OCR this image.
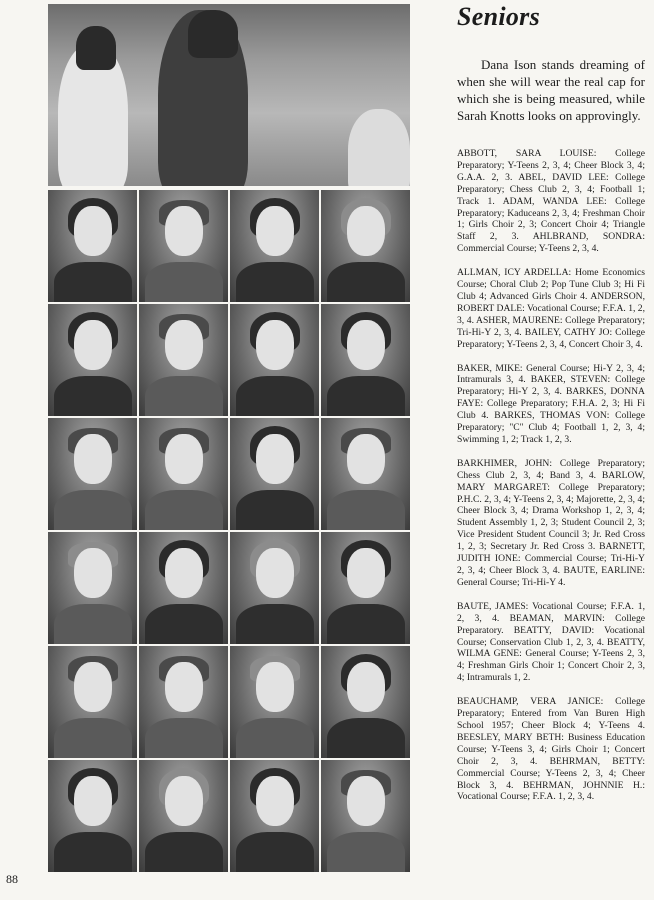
Seniors

Dana Ison stands dreaming of when she will wear the real cap for which she is being measured, while Sarah Knotts looks on approvingly.

ABBOTT, SARA LOUISE: College Preparatory; Y-Teens 2, 3, 4; Cheer Block 3, 4; G.A.A. 2, 3. ABEL, DAVID LEE: College Preparatory; Chess Club 2, 3, 4; Football 1; Track 1. ADAM, WANDA LEE: College Preparatory; Kaduceans 2, 3, 4; Freshman Choir 1; Girls Choir 2, 3; Concert Choir 4; Triangle Staff 2, 3. AHLBRAND, SONDRA: Commercial Course; Y-Teens 2, 3, 4.

ALLMAN, ICY ARDELLA: Home Economics Course; Choral Club 2; Pop Tune Club 3; Hi Fi Club 4; Advanced Girls Choir 4. ANDERSON, ROBERT DALE: Vocational Course; F.F.A. 1, 2, 3, 4. ASHER, MAURENE: College Preparatory; Tri-Hi-Y 2, 3, 4. BAILEY, CATHY JO: College Preparatory; Y-Teens 2, 3, 4, Concert Choir 3, 4.

BAKER, MIKE: General Course; Hi-Y 2, 3, 4; Intramurals 3, 4. BAKER, STEVEN: College Preparatory; Hi-Y 2, 3, 4. BARKES, DONNA FAYE: College Preparatory; F.H.A. 2, 3; Hi Fi Club 4. BARKES, THOMAS VON: College Preparatory; "C" Club 4; Football 1, 2, 3, 4; Swimming 1, 2; Track 1, 2, 3.

BARKHIMER, JOHN: College Preparatory; Chess Club 2, 3, 4; Band 3, 4. BARLOW, MARY MARGARET: College Preparatory; P.H.C. 2, 3, 4; Y-Teens 2, 3, 4; Majorette, 2, 3, 4; Cheer Block 3, 4; Drama Workshop 1, 2, 3, 4; Student Assembly 1, 2, 3; Student Council 2, 3; Vice President Student Council 3; Jr. Red Cross 1, 2, 3; Secretary Jr. Red Cross 3. BARNETT, JUDITH IONE: Commercial Course; Tri-Hi-Y 2, 3, 4; Cheer Block 3, 4. BAUTE, EARLINE: General Course; Tri-Hi-Y 4.

BAUTE, JAMES: Vocational Course; F.F.A. 1, 2, 3, 4. BEAMAN, MARVIN: College Preparatory. BEATTY, DAVID: Vocational Course; Conservation Club 1, 2, 3, 4. BEATTY, WILMA GENE: General Course; Y-Teens 2, 3, 4; Freshman Girls Choir 1; Concert Choir 2, 3, 4; Intramurals 1, 2.

BEAUCHAMP, VERA JANICE: College Preparatory; Entered from Van Buren High School 1957; Cheer Block 4; Y-Teens 4. BEESLEY, MARY BETH: Business Education Course; Y-Teens 3, 4; Girls Choir 1; Concert Choir 2, 3, 4. BEHRMAN, BETTY: Commercial Course; Y-Teens 2, 3, 4; Cheer Block 3, 4. BEHRMAN, JOHNNIE H.: Vocational Course; F.F.A. 1, 2, 3, 4.

88
